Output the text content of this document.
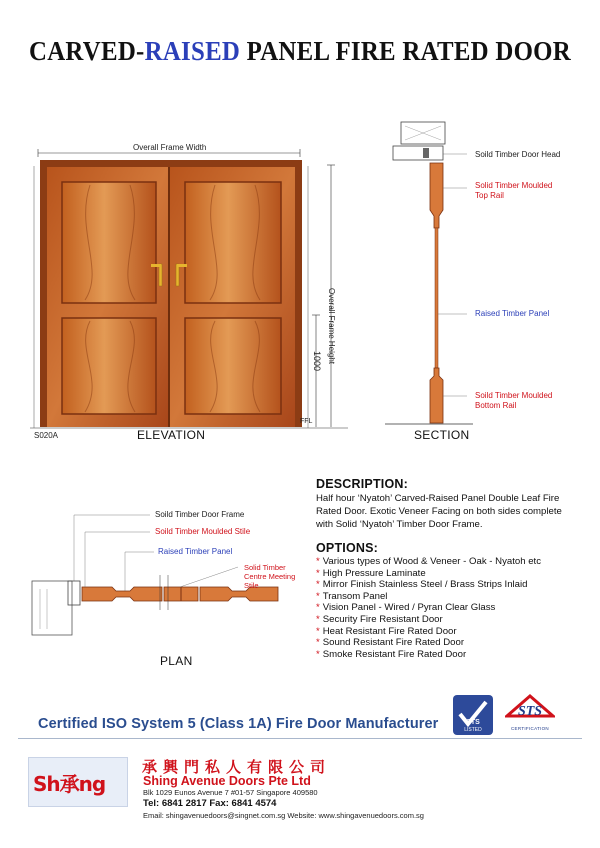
CARVED-RAISED PANEL FIRE RATED DOOR
Overall Frame Width
Overall Frame Height
1000
FFL
S020A	ELEVATION
Soild Timber Door Head
Solid Timber Moulded
Top Rail
Raised Timber Panel
Soild Timber Moulded
Bottom Rail
SECTION
Soild Timber Door Frame
Soild Timber Moulded Stile
Raised Timber Panel
Solid Timber
Centre Meeting
Stile
PLAN
DESCRIPTION:
Half hour ‘Nyatoh’ Carved-Raised Panel Double Leaf Fire Rated Door. Exotic Veneer Facing on both sides complete with Solid ‘Nyatoh’ Timber Door Frame.
OPTIONS:
* Various types of Wood & Veneer - Oak - Nyatoh etc
* High Pressure Laminate
* Mirror Finish Stainless Steel / Brass Strips Inlaid
* Transom Panel
* Vision Panel - Wired / Pyran Clear Glass
* Security Fire Resistant Door
* Heat Resistant Fire Rated Door
* Sound Resistant Fire Rated Door
* Smoke Resistant Fire Rated Door
Certified ISO System 5 (Class 1A) Fire Door Manufacturer	STS
LISTED
STS
CERTIFICATION
Sh承ng
承興門私人有限公司
Shing Avenue Doors Pte Ltd
Blk 1029 Eunos Avenue 7 #01-57 Singapore 409580
Tel: 6841 2817 Fax: 6841 4574
Email: shingavenuedoors@singnet.com.sg Website: www.shingavenuedoors.com.sg
